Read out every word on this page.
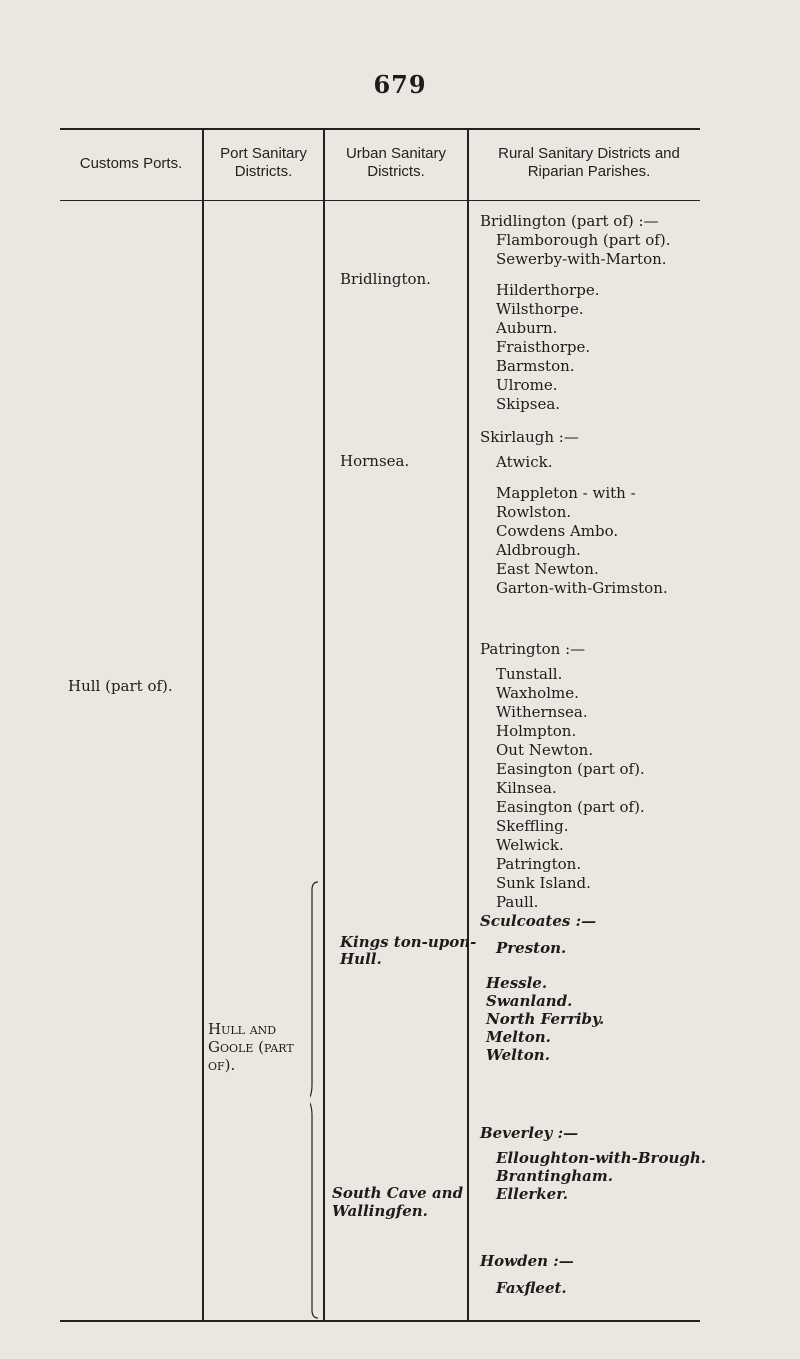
679
Customs Ports.
Port Sanitary
Districts.
Urban Sanitary
Districts.
Rural Sanitary Districts and
Riparian Parishes.
Hull (part of).
Hull and
Goole (part
of).
Bridlington.
Hornsea.
Kings ton-upon-
Hull.
South Cave and
Wallingfen.
Bridlington (part of) :—
Flamborough (part of).
Sewerby-with-Marton.
Hilderthorpe.
Wilsthorpe.
Auburn.
Fraisthorpe.
Barmston.
Ulrome.
Skipsea.
Skirlaugh :—
Atwick.
Mappleton - with -
Rowlston.
Cowdens Ambo.
Aldbrough.
East Newton.
Garton-with-Grimston.
Patrington :—
Tunstall.
Waxholme.
Withernsea.
Holmpton.
Out Newton.
Easington (part of).
Kilnsea.
Easington (part of).
Skeffling.
Welwick.
Patrington.
Sunk Island.
Paull.
Sculcoates :—
Preston.
Hessle.
Swanland.
North Ferriby.
Melton.
Welton.
Beverley :—
Elloughton-with-Brough.
Brantingham.
Ellerker.
Howden :—
Faxfleet.
